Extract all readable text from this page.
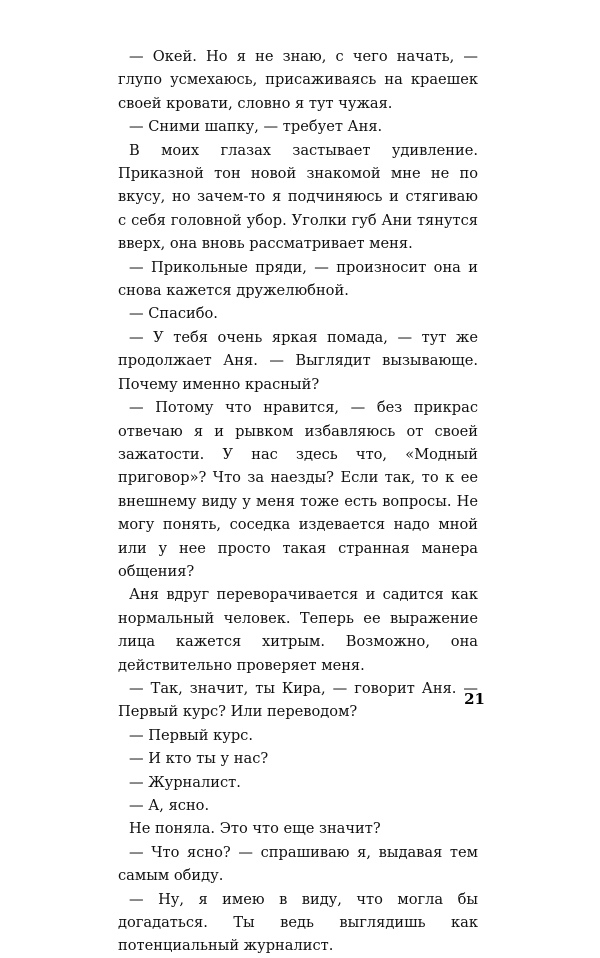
— Окей. Но я не знаю, с чего начать, — глупо усмехаюсь, присаживаясь на краешек своей кровати, словно я тут чужая.

— Сними шапку, — требует Аня.

В моих глазах застывает удивление. Приказной тон новой знакомой мне не по вкусу, но зачем-то я подчиняюсь и стягиваю с себя головной убор. Уголки губ Ани тянутся вверх, она вновь рассматривает меня.

— Прикольные пряди, — произносит она и снова кажется дружелюбной.

— Спасибо.

— У тебя очень яркая помада, — тут же продолжает Аня. — Выглядит вызывающе. Почему именно красный?

— Потому что нравится, — без прикрас отвечаю я и рывком избавляюсь от своей зажатости. У нас здесь что, «Модный приговор»? Что за наезды? Если так, то к ее внешнему виду у меня тоже есть вопросы. Не могу понять, соседка издевается надо мной или у нее просто такая странная манера общения?

Аня вдруг переворачивается и садится как нормальный человек. Теперь ее выражение лица кажется хитрым. Возможно, она действительно проверяет меня.

— Так, значит, ты Кира, — говорит Аня. — Первый курс? Или переводом?

— Первый курс.

— И кто ты у нас?

— Журналист.

— А, ясно.

Не поняла. Это что еще значит?

— Что ясно? — спрашиваю я, выдавая тем самым обиду.

— Ну, я имею в виду, что могла бы догадаться. Ты ведь выглядишь как потенциальный журналист.

21
